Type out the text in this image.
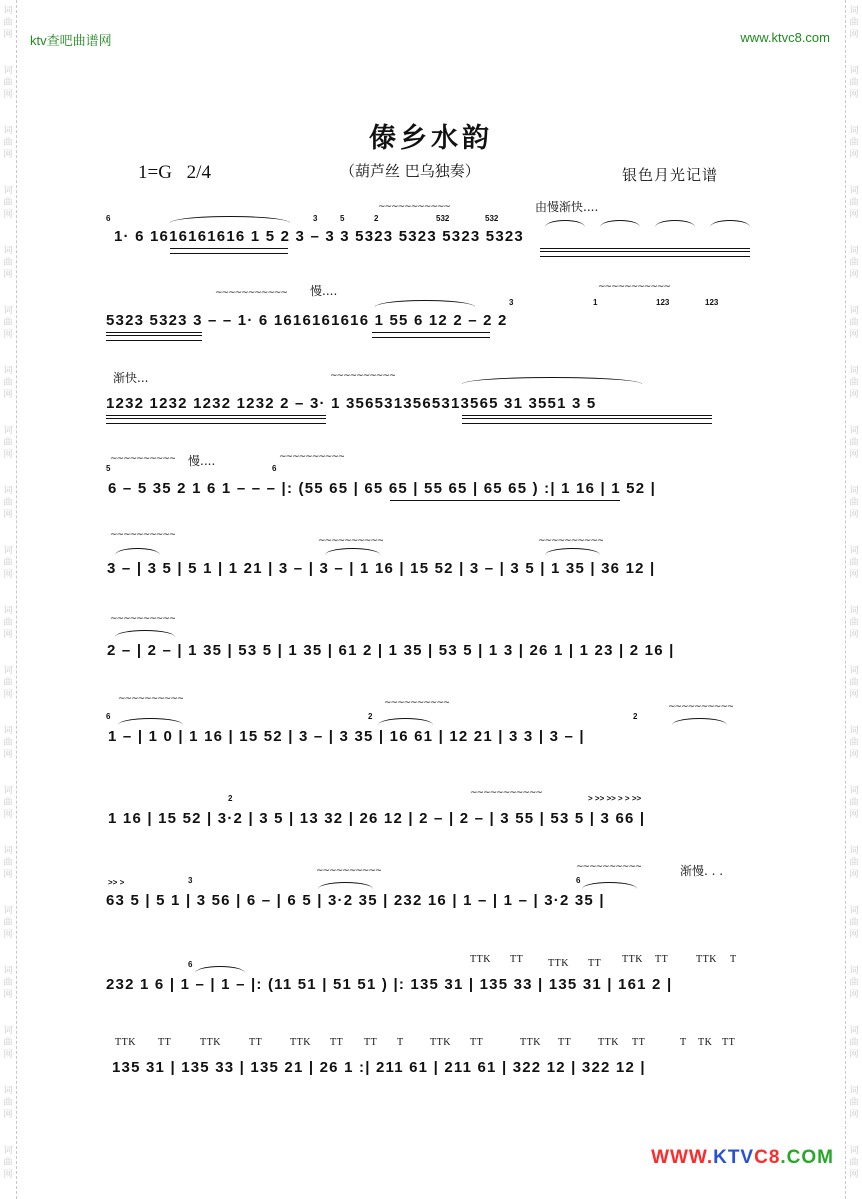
词
曲
网
词
曲
网
词
曲
网
词
曲
网
词
曲
网
词
曲
网
词
曲
网
词
曲
网
词
曲
网
词
曲
网
词
曲
网
词
曲
网
词
曲
网
词
曲
网
词
曲
网
词
曲
网
词
曲
网
词
曲
网
词
曲
网
词
曲
网
词
曲
网
词
曲
网
词
曲
网
词
曲
网
词
曲
网
词
曲
网
词
曲
网
词
曲
网
词
曲
网
词
曲
网
词
曲
网
词
曲
网
词
曲
网
词
曲
网
词
曲
网
词
曲
网
词
曲
网
词
曲
网
词
曲
网
词
曲
网
ktv查吧曲谱网	www.ktvc8.com
傣乡水韵
1=G 2/4	（葫芦丝 巴乌独奏）	银色月光记谱
由慢渐快....
~~~~~~~~~~~
1· 6 1616161616 1 5 2 3 – 3 3 5323 5323 5323 5323
6	3	5	2	532	532
慢....
~~~~~~~~~~~
~~~~~~~~~~~
5323 5323 3 – – 1· 6 1616161616 1 55 6 12 2 – 2 2
3	1	123	123
渐快...	~~~~~~~~~~
1232 1232 1232 1232 2 – 3· 1 3565313565313565 31 3551 3 5
慢....
~~~~~~~~~~	~~~~~~~~~~
6 – 5 35 2 1 6 1 – – – |: (55 65 | 65 65 | 55 65 | 65 65 ) :| 1 16 | 1 52 |
5	6
~~~~~~~~~~
~~~~~~~~~~	~~~~~~~~~~
3 – | 3 5 | 5 1 | 1 21 | 3 – | 3 – | 1 16 | 15 52 | 3 – | 3 5 | 1 35 | 36 12 |
~~~~~~~~~~
2 – | 2 – | 1 35 | 53 5 | 1 35 | 61 2 | 1 35 | 53 5 | 1 3 | 26 1 | 1 23 | 2 16 |
~~~~~~~~~~	~~~~~~~~~~	~~~~~~~~~~
1 – | 1 0 | 1 16 | 15 52 | 3 – | 3 35 | 16 61 | 12 21 | 3 3 | 3 – |
6	2	2
~~~~~~~~~~~
1 16 | 15 52 | 3·2 | 3 5 | 13 32 | 26 12 | 2 – | 2 – | 3 55 | 53 5 | 3 66 |
2	> >> >> > > >>
渐慢. . .
~~~~~~~~~~	~~~~~~~~~~
63 5 | 5 1 | 3 56 | 6 – | 6 5 | 3·2 35 | 232 16 | 1 – | 1 – | 3·2 35 |
>> >	3	6
6	TTK TT TTK TT TTK TT	TTK T
232 1 6 | 1 – | 1 – |: (11 51 | 51 51 ) |: 135 31 | 135 33 | 135 31 | 161 2 |
TTK TT	TTK	TT	TTK TT TT T	TTK TT	TTK TT	TTK TT	T TK TT
135 31 | 135 33 | 135 21 | 26 1 :| 211 61 | 211 61 | 322 12 | 322 12 |
WWW.KTVC8.COM
